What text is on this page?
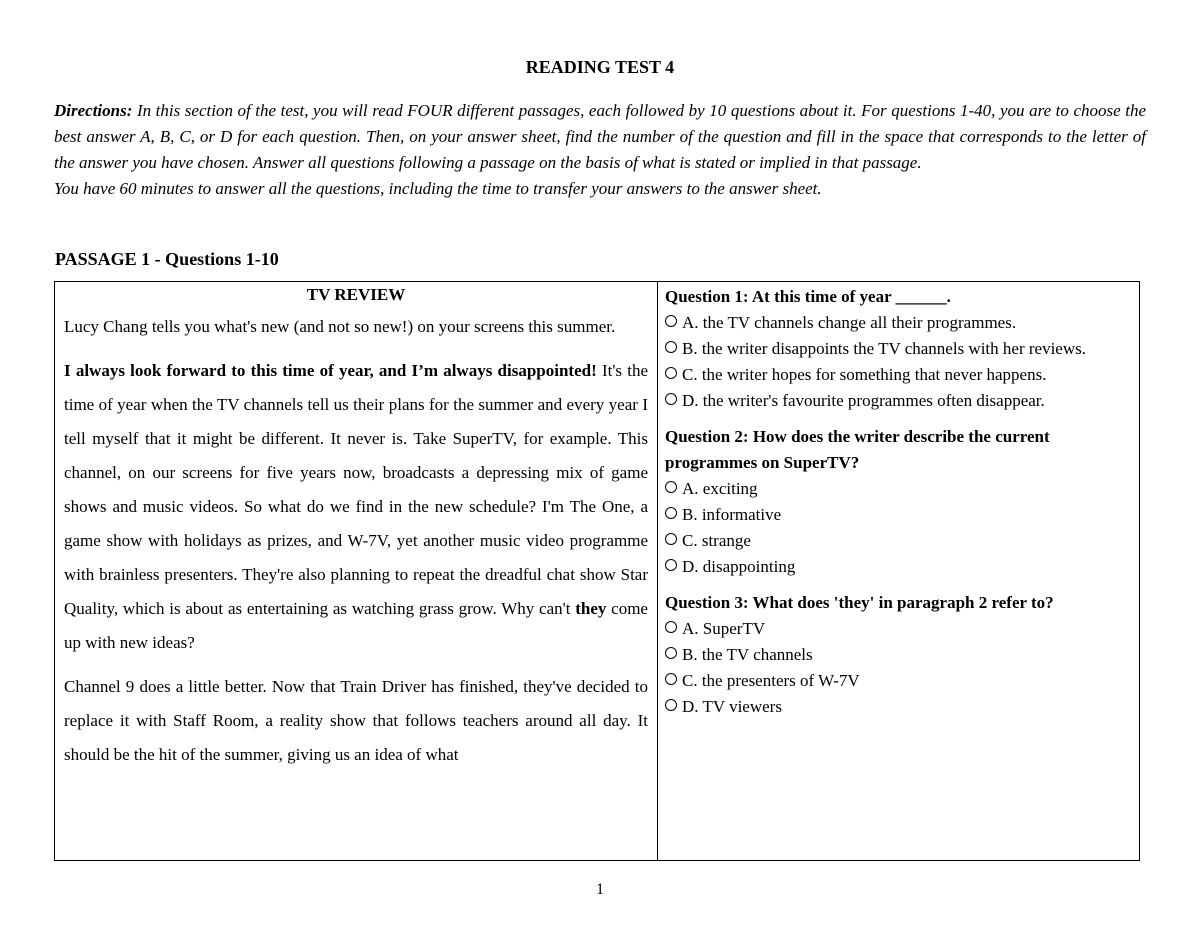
READING TEST 4

Directions: In this section of the test, you will read FOUR different passages, each followed by 10 questions about it. For questions 1-40, you are to choose the best answer A, B, C, or D for each question. Then, on your answer sheet, find the number of the question and fill in the space that corresponds to the letter of the answer you have chosen. Answer all questions following a passage on the basis of what is stated or implied in that passage.

You have 60 minutes to answer all the questions, including the time to transfer your answers to the answer sheet.

PASSAGE 1 - Questions 1-10
TV REVIEW

Lucy Chang tells you what's new (and not so new!) on your screens this summer.

I always look forward to this time of year, and I’m always disappointed! It's the time of year when the TV channels tell us their plans for the summer and every year I tell myself that it might be different. It never is. Take SuperTV, for example. This channel, on our screens for five years now, broadcasts a depressing mix of game shows and music videos. So what do we find in the new schedule? I'm The One, a game show with holidays as prizes, and W-7V, yet another music video programme with brainless presenters. They're also planning to repeat the dreadful chat show Star Quality, which is about as entertaining as watching grass grow. Why can't they come up with new ideas?

Channel 9 does a little better. Now that Train Driver has finished, they've decided to replace it with Staff Room, a reality show that follows teachers around all day. It should be the hit of the summer, giving us an idea of what

Question 1: At this time of year ______.
A. the TV channels change all their programmes.
B. the writer disappoints the TV channels with her reviews.
C. the writer hopes for something that never happens.
D. the writer's favourite programmes often disappear.
Question 2: How does the writer describe the current programmes on SuperTV?
A. exciting
B. informative
C. strange
D. disappointing
Question 3: What does 'they' in paragraph 2 refer to?
A. SuperTV
B. the TV channels
C. the presenters of W-7V
D. TV viewers
1
